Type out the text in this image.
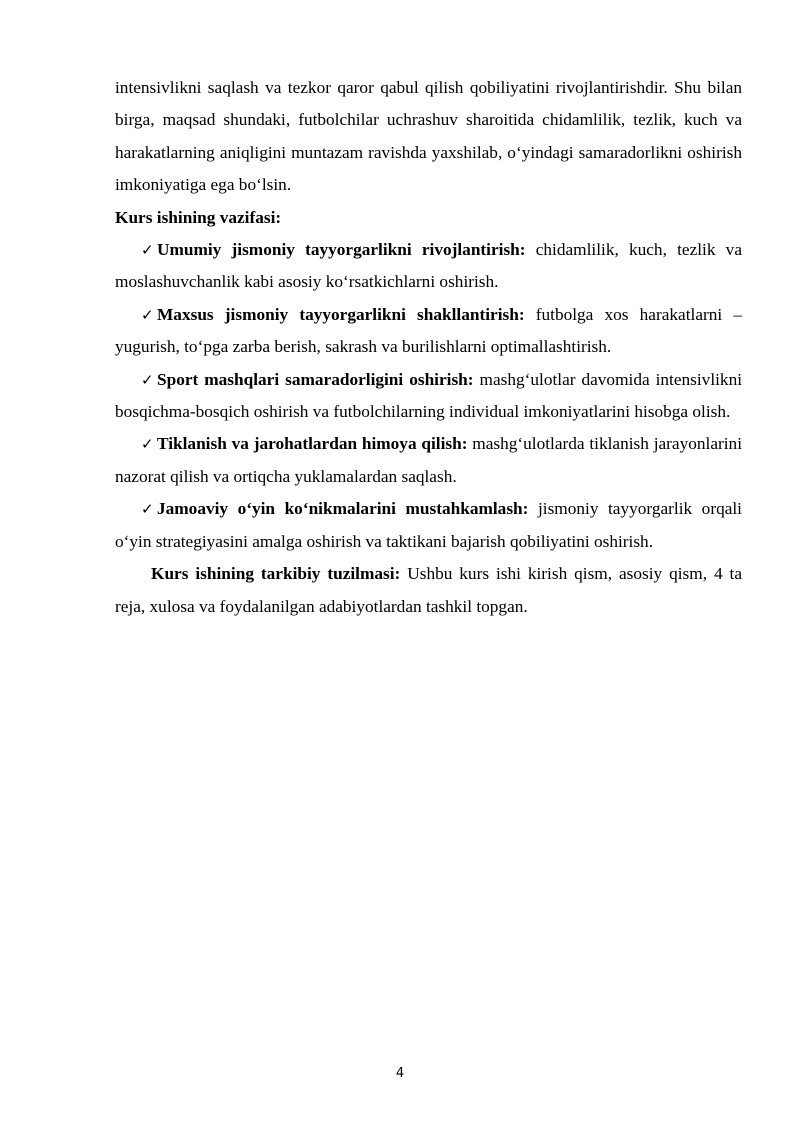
intensivlikni saqlash va tezkor qaror qabul qilish qobiliyatini rivojlantirishdir. Shu bilan birga, maqsad shundaki, futbolchilar uchrashuv sharoitida chidamlilik, tezlik, kuch va harakatlarning aniqligini muntazam ravishda yaxshilab, oʻyindagi samaradorlikni oshirish imkoniyatiga ega boʻlsin.

Kurs ishining vazifasi:

✓ Umumiy jismoniy tayyorgarlikni rivojlantirish: chidamlilik, kuch, tezlik va moslashuvchanlik kabi asosiy koʻrsatkichlarni oshirish.

✓ Maxsus jismoniy tayyorgarlikni shakllantirish: futbolga xos harakatlarni – yugurish, toʻpga zarba berish, sakrash va burilishlarni optimallashtirish.

✓ Sport mashqlari samaradorligini oshirish: mashgʻulotlar davomida intensivlikni bosqichma-bosqich oshirish va futbolchilarning individual imkoniyatlarini hisobga olish.

✓ Tiklanish va jarohatlardan himoya qilish: mashgʻulotlarda tiklanish jarayonlarini nazorat qilish va ortiqcha yuklamalardan saqlash.

✓ Jamoaviy oʻyin koʻnikmalarini mustahkamlash: jismoniy tayyorgarlik orqali oʻyin strategiyasini amalga oshirish va taktikani bajarish qobiliyatini oshirish.

Kurs ishining tarkibiy tuzilmasi: Ushbu kurs ishi kirish qism, asosiy qism, 4 ta reja, xulosa va foydalanilgan adabiyotlardan tashkil topgan.

4
